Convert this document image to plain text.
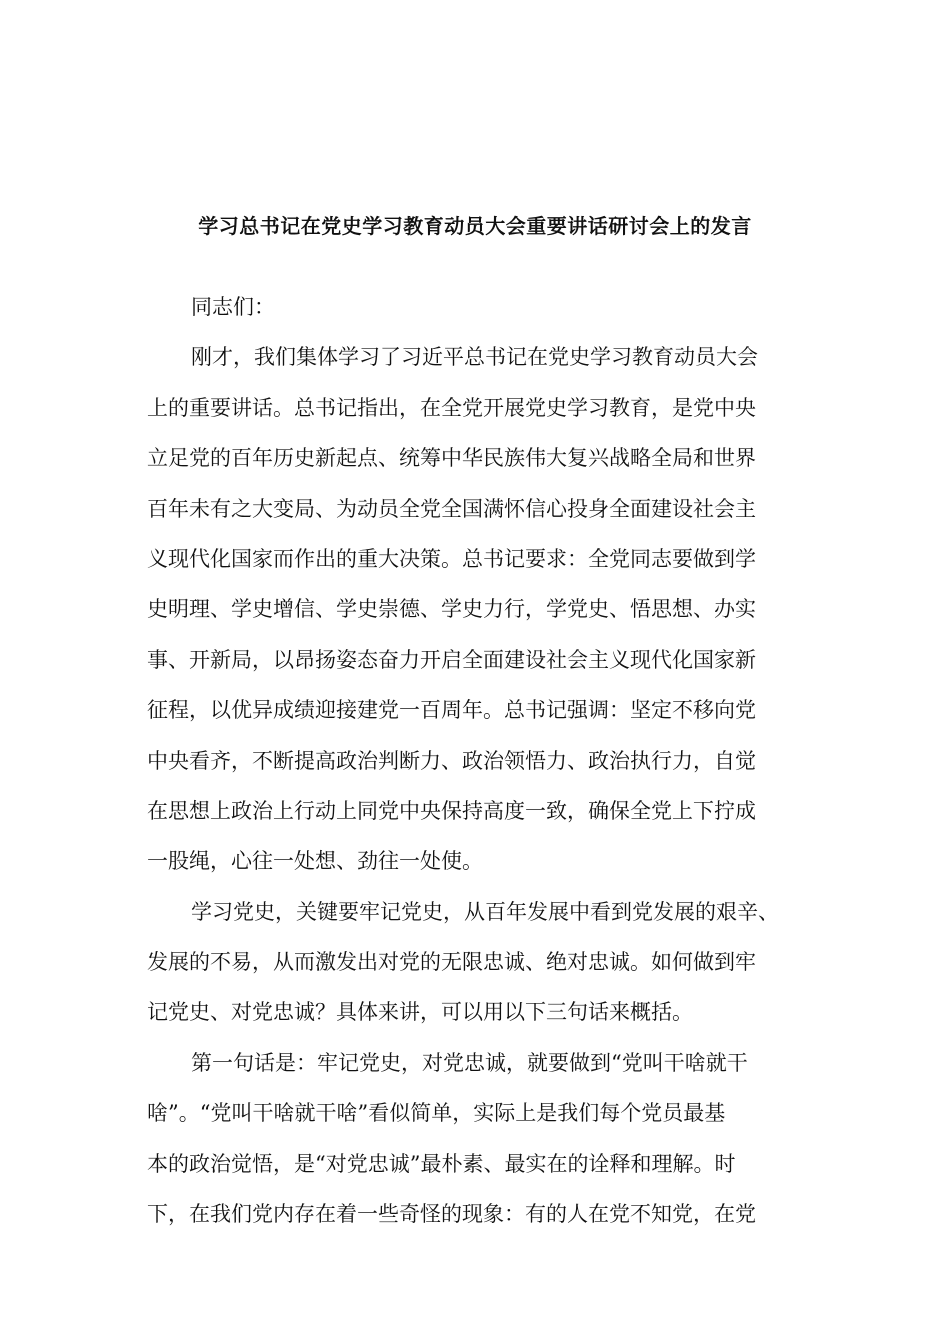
学习总书记在党史学习教育动员大会重要讲话研讨会上的发言
同志们：
刚才，我们集体学习了习近平总书记在党史学习教育动员大会
上的重要讲话。总书记指出，在全党开展党史学习教育，是党中央
立足党的百年历史新起点、统筹中华民族伟大复兴战略全局和世界
百年未有之大变局、为动员全党全国满怀信心投身全面建设社会主
义现代化国家而作出的重大决策。总书记要求：全党同志要做到学
史明理、学史增信、学史崇德、学史力行，学党史、悟思想、办实
事、开新局，以昂扬姿态奋力开启全面建设社会主义现代化国家新
征程，以优异成绩迎接建党一百周年。总书记强调：坚定不移向党
中央看齐，不断提高政治判断力、政治领悟力、政治执行力，自觉
在思想上政治上行动上同党中央保持高度一致，确保全党上下拧成
一股绳，心往一处想、劲往一处使。
学习党史，关键要牢记党史，从百年发展中看到党发展的艰辛、
发展的不易，从而激发出对党的无限忠诚、绝对忠诚。如何做到牢
记党史、对党忠诚？具体来讲，可以用以下三句话来概括。
第一句话是：牢记党史，对党忠诚，就要做到“党叫干啥就干
啥”。“党叫干啥就干啥”看似简单，实际上是我们每个党员最基
本的政治觉悟，是“对党忠诚”最朴素、最实在的诠释和理解。时
下，在我们党内存在着一些奇怪的现象：有的人在党不知党，在党
